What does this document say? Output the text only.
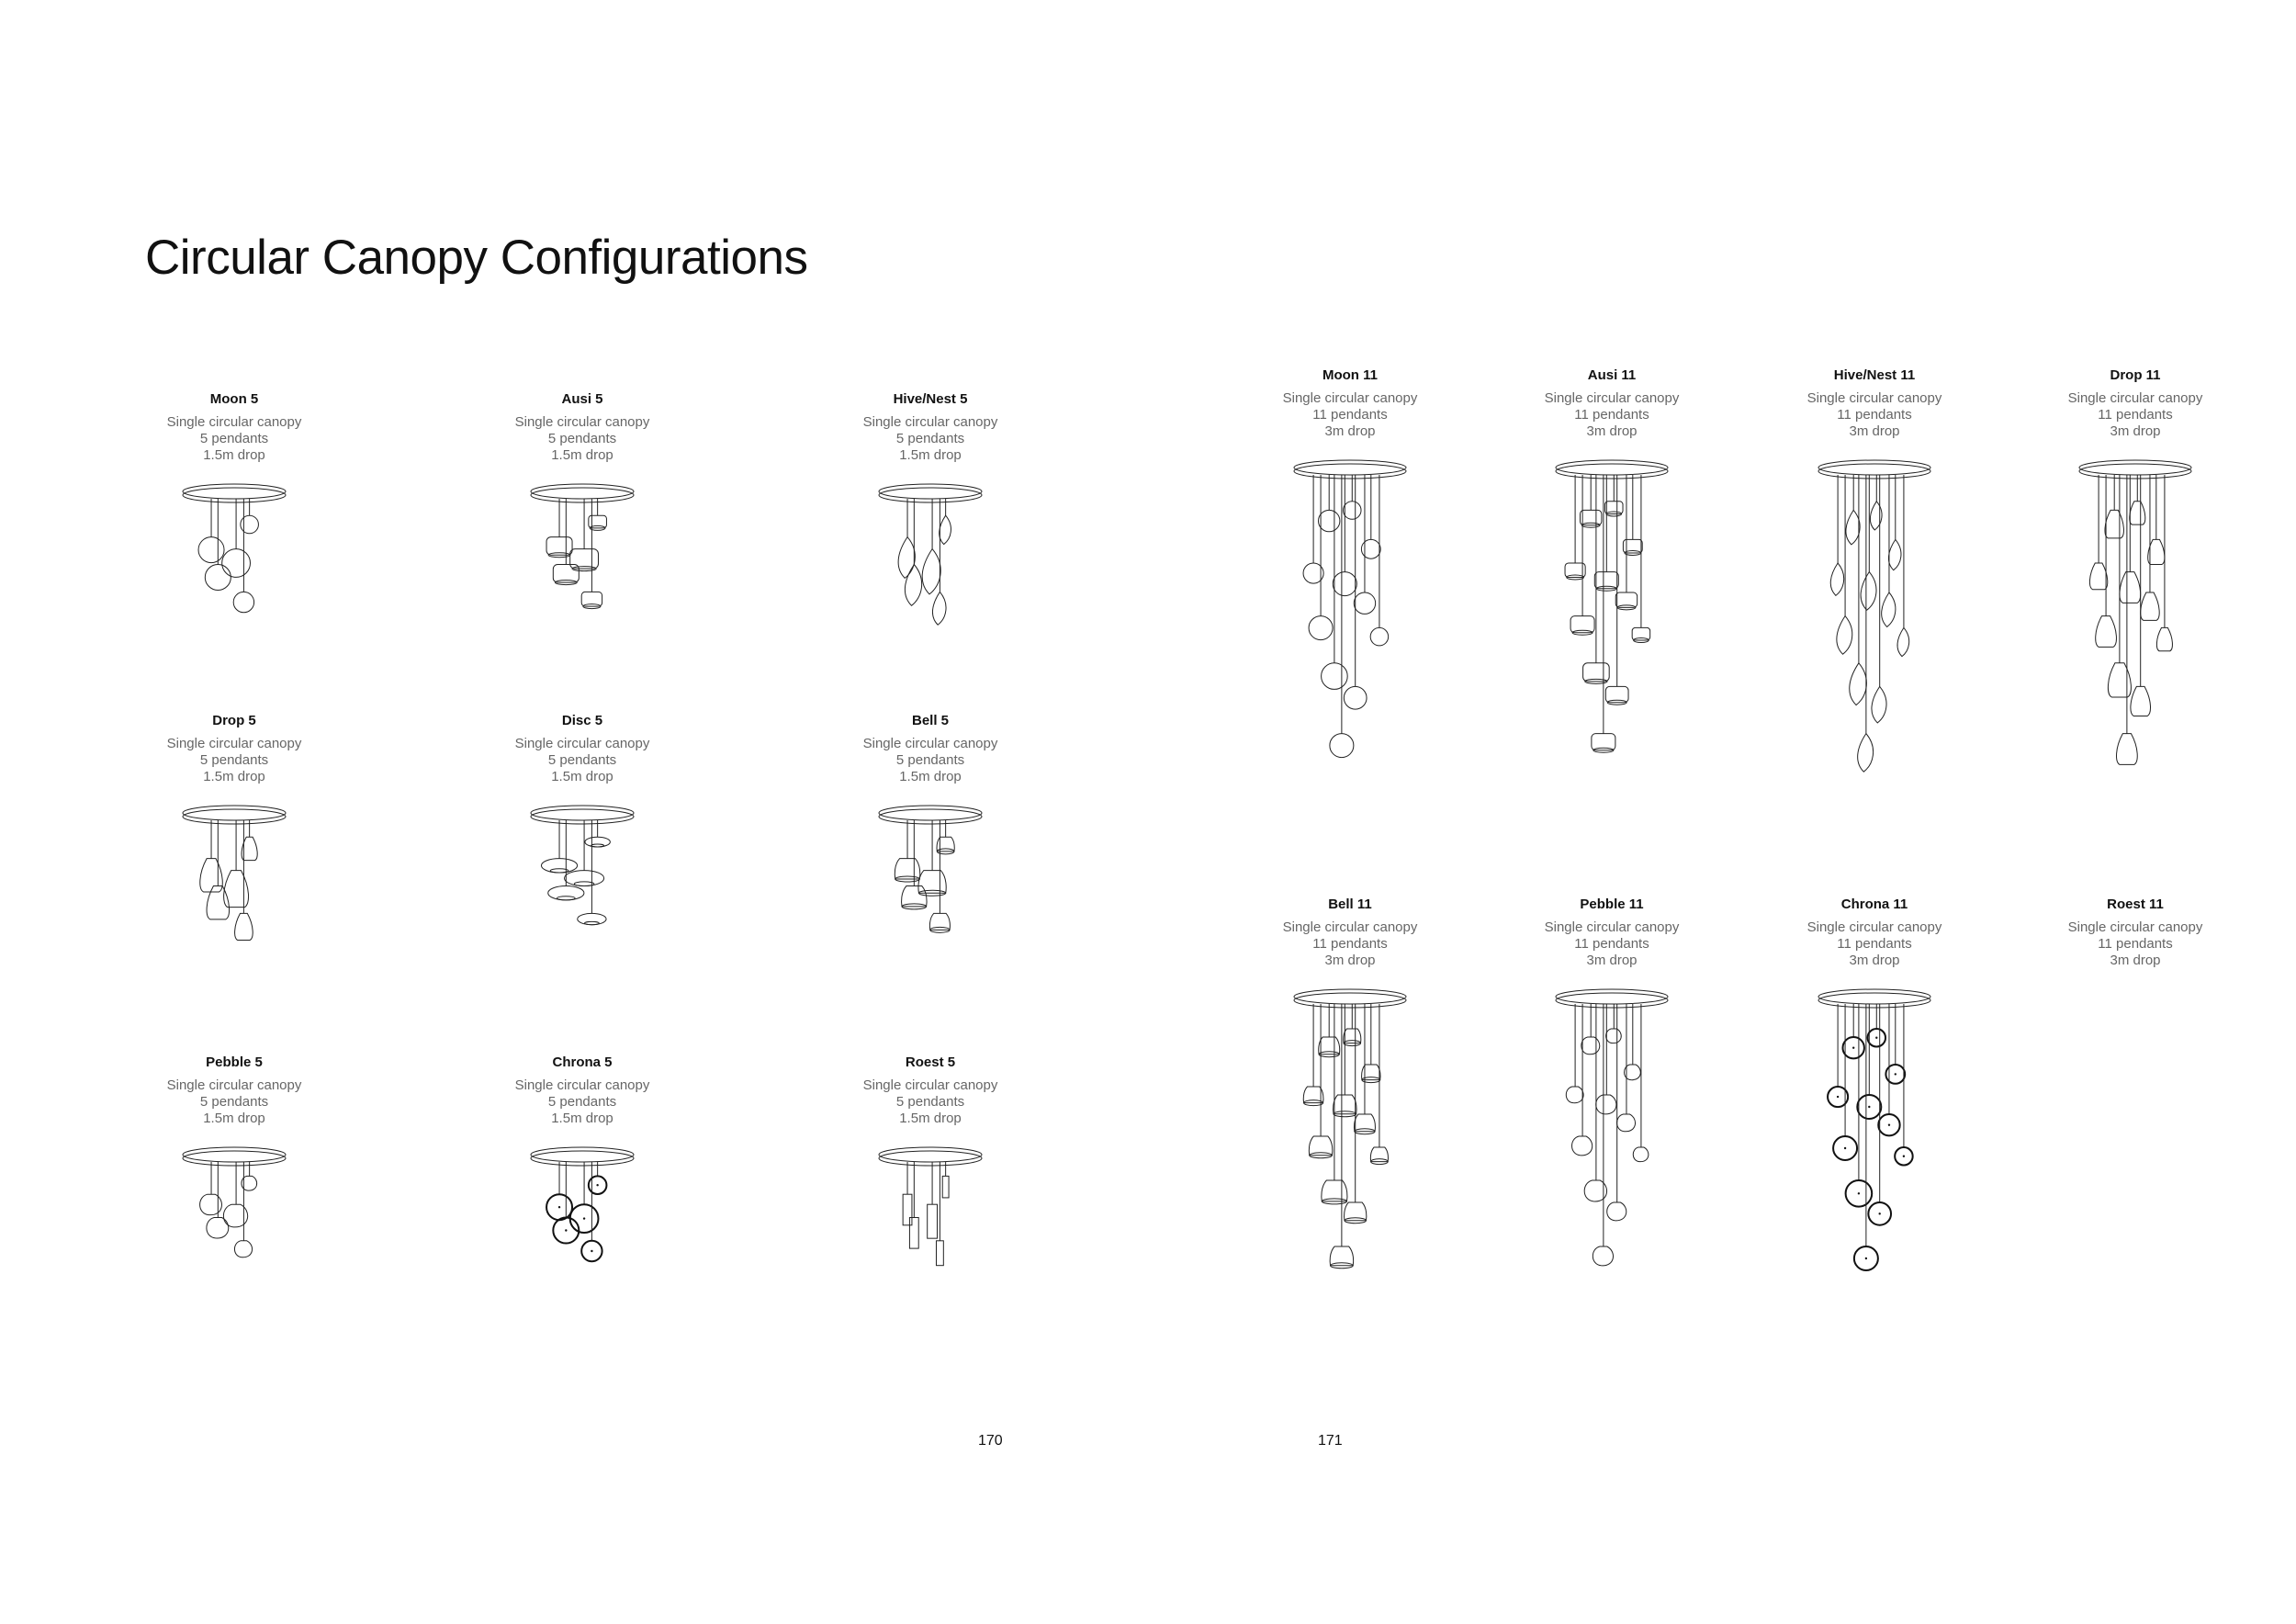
Circular Canopy Configurations
Moon 5
Single circular canopy
5 pendants
1.5m drop
Ausi 5
Single circular canopy
5 pendants
1.5m drop
Hive/Nest 5
Single circular canopy
5 pendants
1.5m drop
Drop 5
Single circular canopy
5 pendants
1.5m drop
Disc 5
Single circular canopy
5 pendants
1.5m drop
Bell 5
Single circular canopy
5 pendants
1.5m drop
Pebble 5
Single circular canopy
5 pendants
1.5m drop
Chrona 5
Single circular canopy
5 pendants
1.5m drop
Roest 5
Single circular canopy
5 pendants
1.5m drop
Moon 11
Single circular canopy
11 pendants
3m drop
Ausi 11
Single circular canopy
11 pendants
3m drop
Hive/Nest 11
Single circular canopy
11 pendants
3m drop
Drop 11
Single circular canopy
11 pendants
3m drop
Bell 11
Single circular canopy
11 pendants
3m drop
Pebble 11
Single circular canopy
11 pendants
3m drop
Chrona 11
Single circular canopy
11 pendants
3m drop
Roest 11
Single circular canopy
11 pendants
3m drop
170	171
